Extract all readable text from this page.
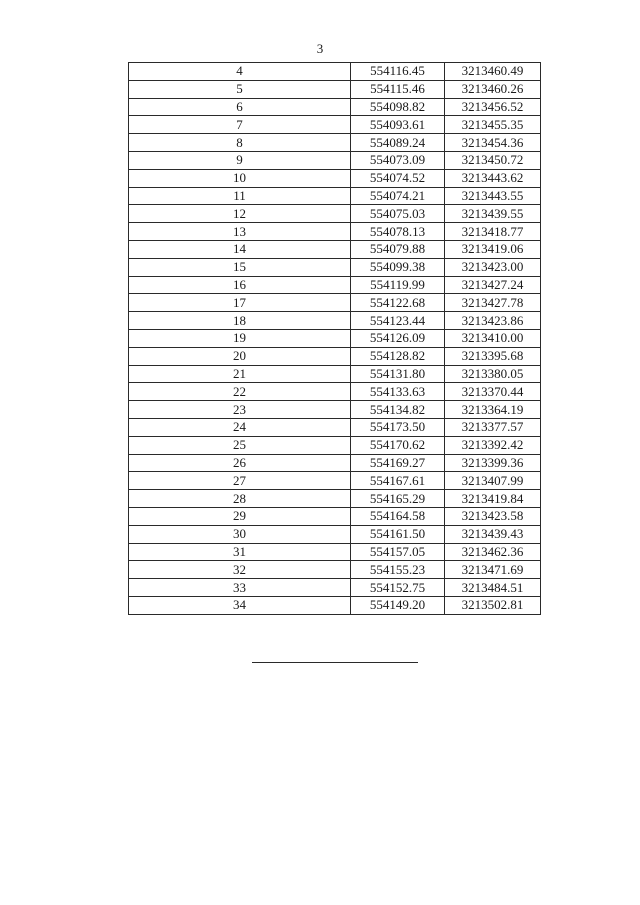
3
4	554116.45	3213460.49
5	554115.46	3213460.26
6	554098.82	3213456.52
7	554093.61	3213455.35
8	554089.24	3213454.36
9	554073.09	3213450.72
10	554074.52	3213443.62
11	554074.21	3213443.55
12	554075.03	3213439.55
13	554078.13	3213418.77
14	554079.88	3213419.06
15	554099.38	3213423.00
16	554119.99	3213427.24
17	554122.68	3213427.78
18	554123.44	3213423.86
19	554126.09	3213410.00
20	554128.82	3213395.68
21	554131.80	3213380.05
22	554133.63	3213370.44
23	554134.82	3213364.19
24	554173.50	3213377.57
25	554170.62	3213392.42
26	554169.27	3213399.36
27	554167.61	3213407.99
28	554165.29	3213419.84
29	554164.58	3213423.58
30	554161.50	3213439.43
31	554157.05	3213462.36
32	554155.23	3213471.69
33	554152.75	3213484.51
34	554149.20	3213502.81
